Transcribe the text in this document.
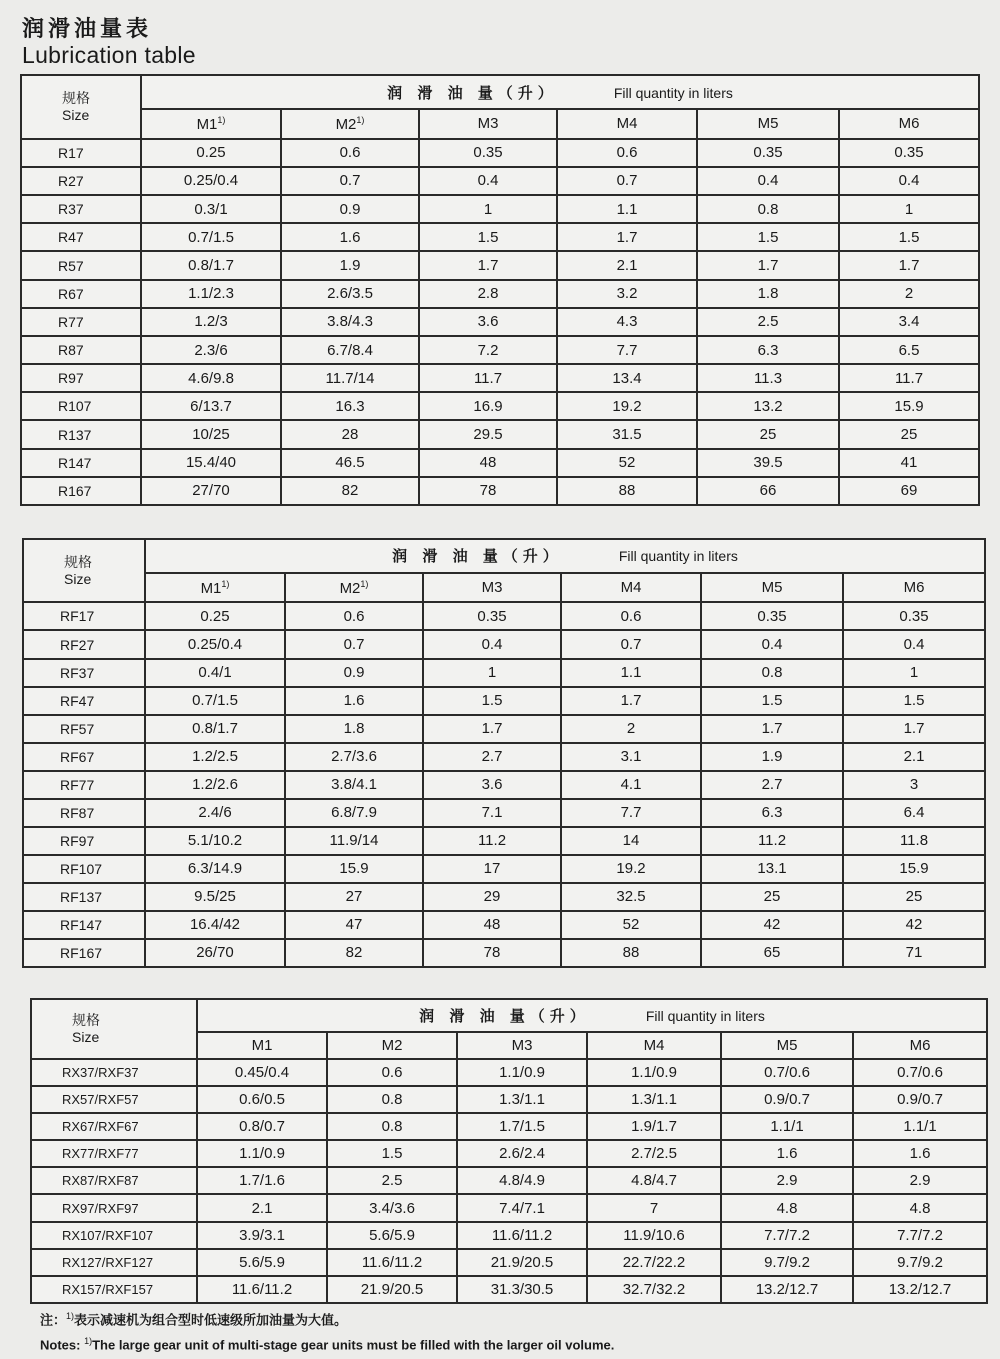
润滑油量表
Lubrication table
规格
Size	润 滑 油 量（升） Fill quantity in liters					
	M1$^{1)}$	M2$^{1)}$	M3	M4	M5	M6
R17	0.25	0.6	0.35	0.6	0.35	0.35
R27	0.25/0.4	0.7	0.4	0.7	0.4	0.4
R37	0.3/1	0.9	1	1.1	0.8	1
R47	0.7/1.5	1.6	1.5	1.7	1.5	1.5
R57	0.8/1.7	1.9	1.7	2.1	1.7	1.7
R67	1.1/2.3	2.6/3.5	2.8	3.2	1.8	2
R77	1.2/3	3.8/4.3	3.6	4.3	2.5	3.4
R87	2.3/6	6.7/8.4	7.2	7.7	6.3	6.5
R97	4.6/9.8	11.7/14	11.7	13.4	11.3	11.7
R107	6/13.7	16.3	16.9	19.2	13.2	15.9
R137	10/25	28	29.5	31.5	25	25
R147	15.4/40	46.5	48	52	39.5	41
R167	27/70	82	78	88	66	69
规格
Size	润 滑 油 量（升） Fill quantity in liters					
	M1$^{1)}$	M2$^{1)}$	M3	M4	M5	M6
RF17	0.25	0.6	0.35	0.6	0.35	0.35
RF27	0.25/0.4	0.7	0.4	0.7	0.4	0.4
RF37	0.4/1	0.9	1	1.1	0.8	1
RF47	0.7/1.5	1.6	1.5	1.7	1.5	1.5
RF57	0.8/1.7	1.8	1.7	2	1.7	1.7
RF67	1.2/2.5	2.7/3.6	2.7	3.1	1.9	2.1
RF77	1.2/2.6	3.8/4.1	3.6	4.1	2.7	3
RF87	2.4/6	6.8/7.9	7.1	7.7	6.3	6.4
RF97	5.1/10.2	11.9/14	11.2	14	11.2	11.8
RF107	6.3/14.9	15.9	17	19.2	13.1	15.9
RF137	9.5/25	27	29	32.5	25	25
RF147	16.4/42	47	48	52	42	42
RF167	26/70	82	78	88	65	71
规格
Size	润 滑 油 量（升） Fill quantity in liters					
	M1	M2	M3	M4	M5	M6
RX37/RXF37	0.45/0.4	0.6	1.1/0.9	1.1/0.9	0.7/0.6	0.7/0.6
RX57/RXF57	0.6/0.5	0.8	1.3/1.1	1.3/1.1	0.9/0.7	0.9/0.7
RX67/RXF67	0.8/0.7	0.8	1.7/1.5	1.9/1.7	1.1/1	1.1/1
RX77/RXF77	1.1/0.9	1.5	2.6/2.4	2.7/2.5	1.6	1.6
RX87/RXF87	1.7/1.6	2.5	4.8/4.9	4.8/4.7	2.9	2.9
RX97/RXF97	2.1	3.4/3.6	7.4/7.1	7	4.8	4.8
RX107/RXF107	3.9/3.1	5.6/5.9	11.6/11.2	11.9/10.6	7.7/7.2	7.7/7.2
RX127/RXF127	5.6/5.9	11.6/11.2	21.9/20.5	22.7/22.2	9.7/9.2	9.7/9.2
RX157/RXF157	11.6/11.2	21.9/20.5	31.3/30.5	32.7/32.2	13.2/12.7	13.2/12.7
注：$^{1)}$表示减速机为组合型时低速级所加油量为大值。
Notes: $^{1)}$The large gear unit of multi-stage gear units must be filled with the larger oil volume.
